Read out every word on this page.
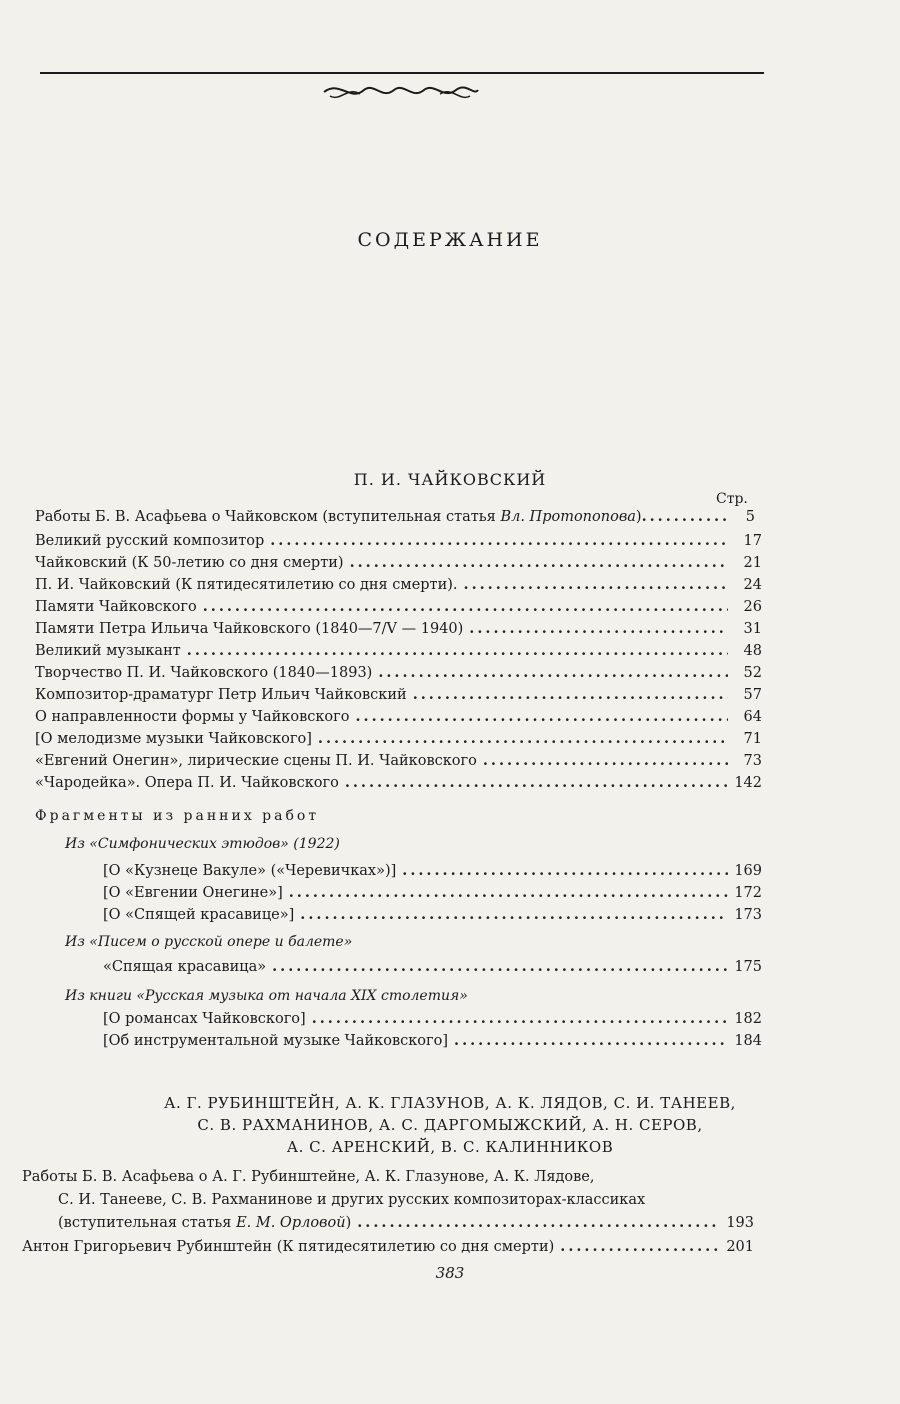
СОДЕРЖАНИЕ
П. И. ЧАЙКОВСКИЙ
Стр.
Работы Б. В. Асафьева о Чайковском (вступительная статья Вл. Протопопова) .....	5
Великий русский композитор .....	17
Чайковский (К 50-летию со дня смерти) .....	21
П. И. Чайковский (К пятидесятилетию со дня смерти). .....	24
Памяти Чайковского .....	26
Памяти Петра Ильича Чайковского (1840—7/V — 1940) .....	31
Великий музыкант .....	48
Творчество П. И. Чайковского (1840—1893) .....	52
Композитор-драматург Петр Ильич Чайковский .....	57
О направленности формы у Чайковского .....	64
[О мелодизме музыки Чайковского] .....	71
«Евгений Онегин», лирические сцены П. И. Чайковского .....	73
«Чародейка». Опера П. И. Чайковского .....	142
Фрагменты из ранних работ
Из «Симфонических этюдов» (1922)
[О «Кузнеце Вакуле» («Черевичках»)] .....	169
[О «Евгении Онегине»] .....	172
[О «Спящей красавице»] .....	173
Из «Писем о русской опере и балете»
«Спящая красавица» .....	175
Из книги «Русская музыка от начала XIX столетия»
[О романсах Чайковского] .....	182
[Об инструментальной музыке Чайковского] .....	184
А. Г. РУБИНШТЕЙН, А. К. ГЛАЗУНОВ, А. К. ЛЯДОВ, С. И. ТАНЕЕВ,
С. В. РАХМАНИНОВ, А. С. ДАРГОМЫЖСКИЙ, А. Н. СЕРОВ,
А. С. АРЕНСКИЙ, В. С. КАЛИННИКОВ
Работы Б. В. Асафьева о А. Г. Рубинштейне, А. К. Глазунове, А. К. Лядове,
С. И. Танееве, С. В. Рахманинове и других русских композиторах-классиках
(вступительная статья Е. М. Орловой) .....	193
Антон Григорьевич Рубинштейн (К пятидесятилетию со дня смерти) .....	201
383
